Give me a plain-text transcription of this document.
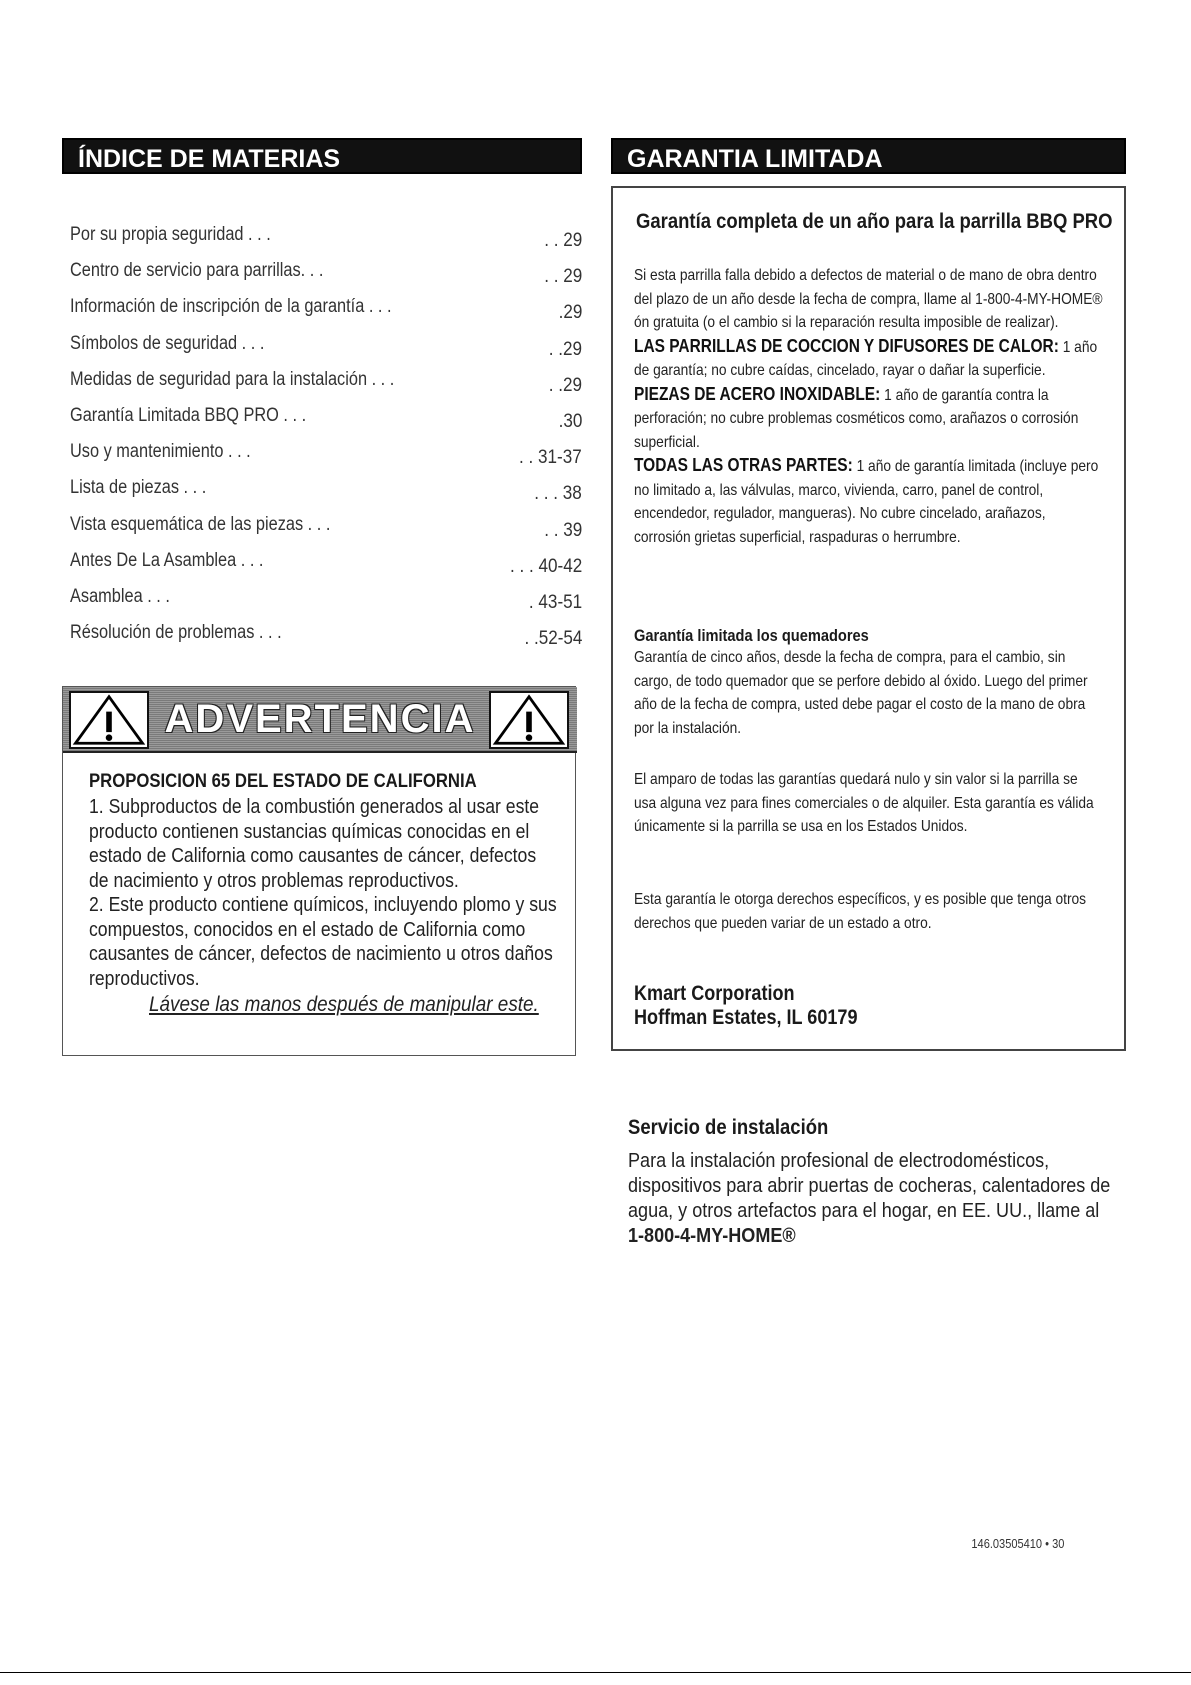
ÍNDICE DE MATERIAS
Por su propia seguridad . . .	. . 29
Centro de servicio para parrillas. . .	. . 29
Información de inscripción de la garantía . . .	.29
Símbolos de seguridad . . .	. .29
Medidas de seguridad para la instalación . . .	. .29
Garantía Limitada BBQ PRO . . .	.30
Uso y mantenimiento . . .	. . 31-37
Lista de piezas . . .	. . . 38
Vista esquemática de las piezas . . .	. . 39
Antes De La Asamblea . . .	. . . 40-42
Asamblea . . .	. 43-51
Résolución de problemas . . .	. .52-54
ADVERTENCIA

PROPOSICION 65 DEL ESTADO DE CALIFORNIA

1. Subproductos de la combustión generados al usar este producto contienen sustancias químicas conocidas en el estado de California como causantes de cáncer, defectos de nacimiento y otros problemas reproductivos.

2. Este producto contiene químicos, incluyendo plomo y sus compuestos, conocidos en el estado de California como causantes de cáncer, defectos de nacimiento u otros daños reproductivos.

Lávese las manos después de manipular este.

GARANTIA LIMITADA
Garantía completa de un año para la parrilla BBQ PRO

Si esta parrilla falla debido a defectos de material o de mano de obra dentro del plazo de un año desde la fecha de compra, llame al 1-800-4-MY-HOME® ón gratuita (o el cambio si la reparación resulta imposible de realizar).

LAS PARRILLAS DE COCCION Y DIFUSORES DE CALOR: 1 año de garantía; no cubre caídas, cincelado, rayar o dañar la superficie.

PIEZAS DE ACERO INOXIDABLE: 1 año de garantía contra la perforación; no cubre problemas cosméticos como, arañazos o corrosión superficial.

TODAS LAS OTRAS PARTES: 1 año de garantía limitada (incluye pero no limitado a, las válvulas, marco, vivienda, carro, panel de control, encendedor, regulador, mangueras). No cubre cincelado, arañazos, corrosión grietas superficial, raspaduras o herrumbre.

Garantía limitada los quemadores

Garantía de cinco años, desde la fecha de compra, para el cambio, sin cargo, de todo quemador que se perfore debido al óxido. Luego del primer año de la fecha de compra, usted debe pagar el costo de la mano de obra por la instalación.

El amparo de todas las garantías quedará nulo y sin valor si la parrilla se usa alguna vez para fines comerciales o de alquiler. Esta garantía es válida únicamente si la parrilla se usa en los Estados Unidos.

Esta garantía le otorga derechos específicos, y es posible que tenga otros derechos que pueden variar de un estado a otro.

Kmart Corporation

Hoffman Estates, IL 60179

Servicio de instalación

Para la instalación profesional de electrodomésticos, dispositivos para abrir puertas de cocheras, calentadores de agua, y otros artefactos para el hogar, en EE. UU., llame al
1-800-4-MY-HOME®

146.03505410 • 30
